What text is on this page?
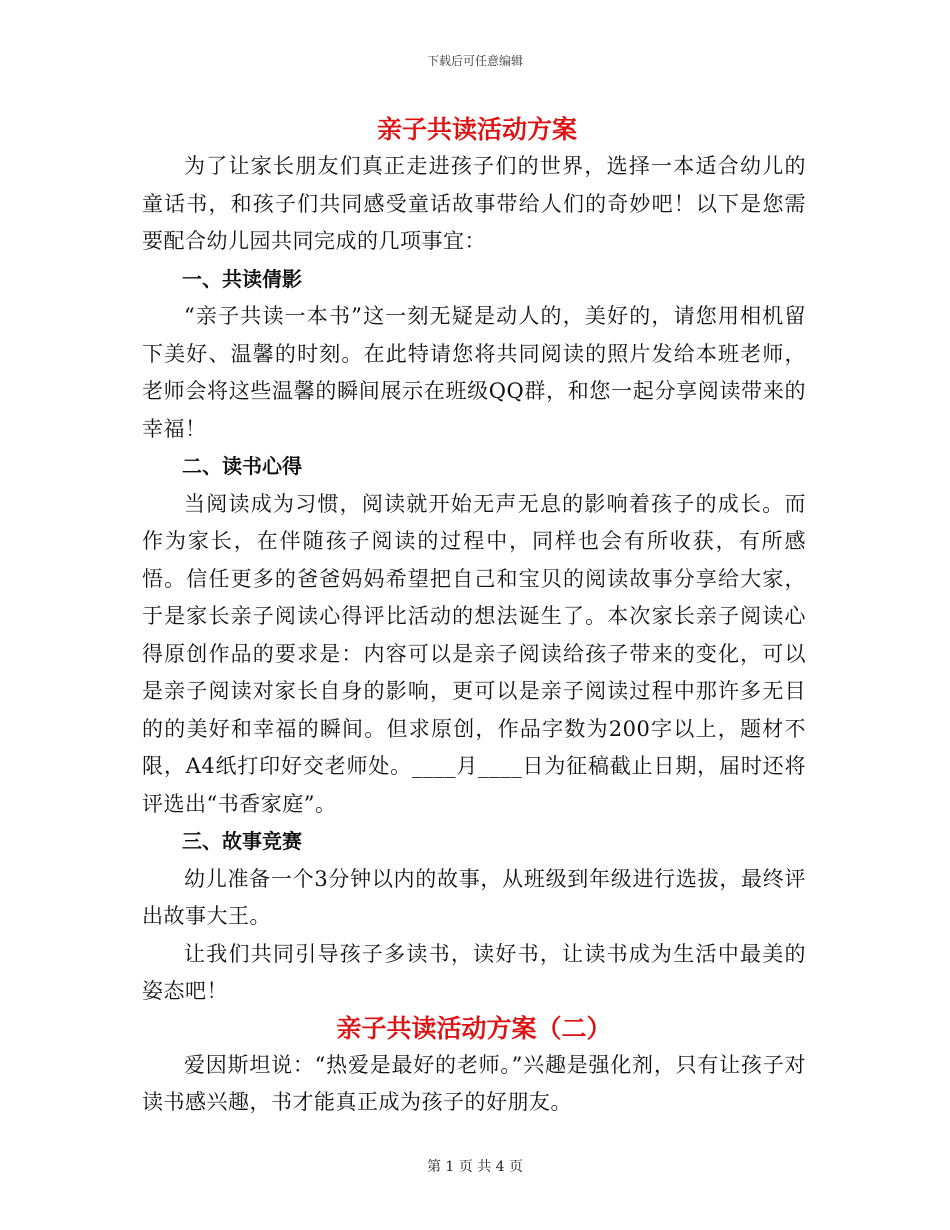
下载后可任意编辑
亲子共读活动方案

为了让家长朋友们真正走进孩子们的世界，选择一本适合幼儿的童话书，和孩子们共同感受童话故事带给人们的奇妙吧！以下是您需要配合幼儿园共同完成的几项事宜：

一、共读倩影

“亲子共读一本书”这一刻无疑是动人的，美好的，请您用相机留下美好、温馨的时刻。在此特请您将共同阅读的照片发给本班老师，老师会将这些温馨的瞬间展示在班级QQ群，和您一起分享阅读带来的幸福！

二、读书心得

当阅读成为习惯，阅读就开始无声无息的影响着孩子的成长。而作为家长，在伴随孩子阅读的过程中，同样也会有所收获，有所感悟。信任更多的爸爸妈妈希望把自己和宝贝的阅读故事分享给大家，于是家长亲子阅读心得评比活动的想法诞生了。本次家长亲子阅读心得原创作品的要求是：内容可以是亲子阅读给孩子带来的变化，可以是亲子阅读对家长自身的影响，更可以是亲子阅读过程中那许多无目的的美好和幸福的瞬间。但求原创，作品字数为200字以上，题材不限，A4纸打印好交老师处。____月____日为征稿截止日期，届时还将评选出“书香家庭”。

三、故事竞赛

幼儿准备一个3分钟以内的故事，从班级到年级进行选拔，最终评出故事大王。

让我们共同引导孩子多读书，读好书，让读书成为生活中最美的姿态吧！

亲子共读活动方案（二）

爱因斯坦说：“热爱是最好的老师。”兴趣是强化剂，只有让孩子对读书感兴趣，书才能真正成为孩子的好朋友。

第 1 页 共 4 页
